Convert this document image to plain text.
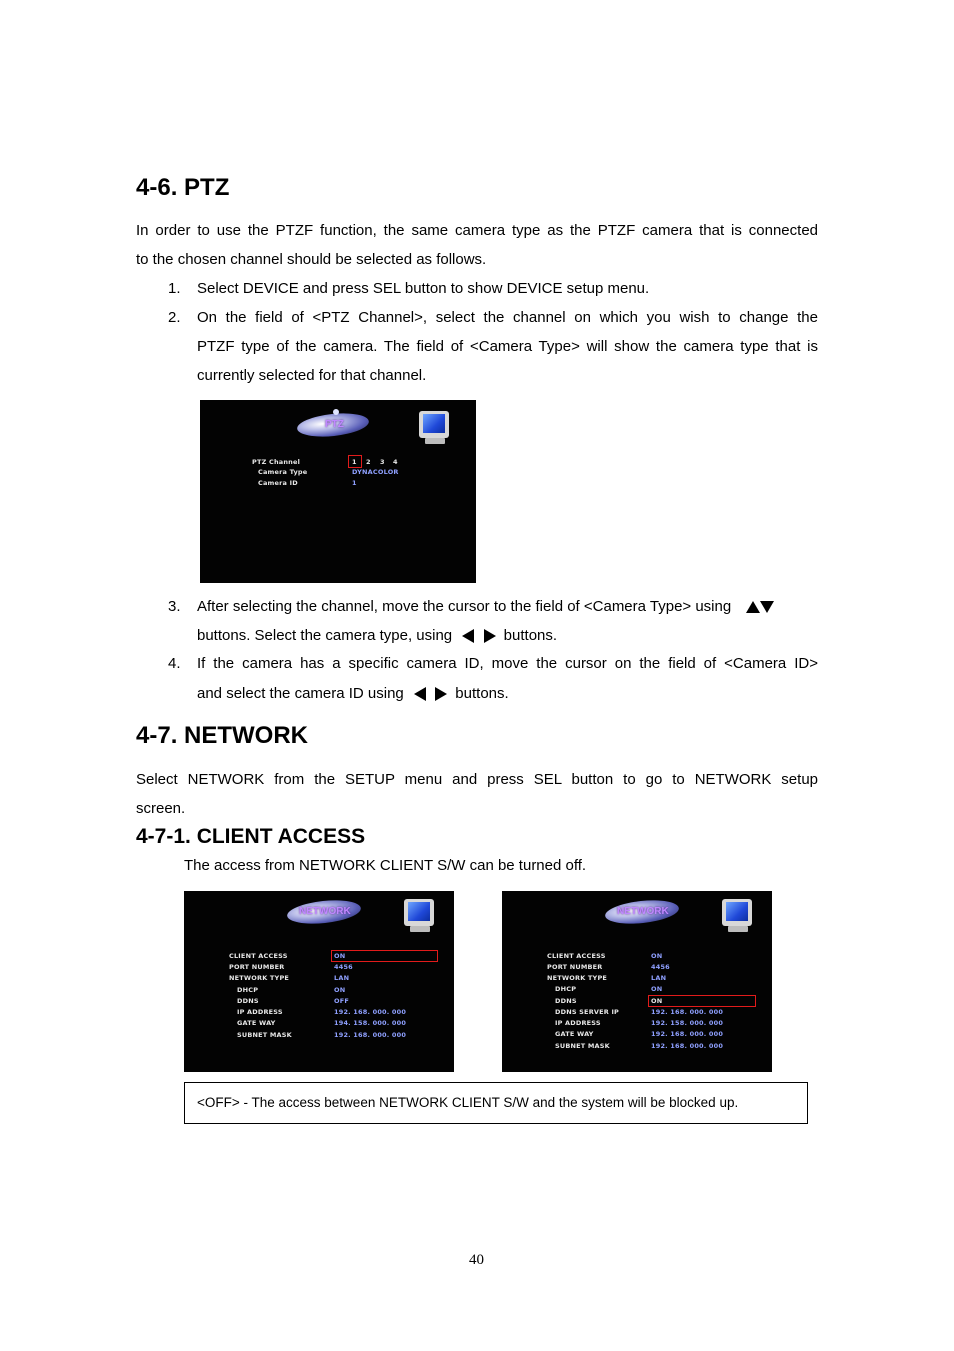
4-6. PTZ
In order to use the PTZF function, the same camera type as the PTZF camera that is connected
to the chosen channel should be selected as follows.
1. Select DEVICE and press SEL button to show DEVICE setup menu.
2. On the field of <PTZ Channel>, select the channel on which you wish to change the
PTZF type of the camera. The field of <Camera Type> will show the camera type that is
currently selected for that channel.
PTZ
PTZ Channel
Camera Type
Camera ID
1 2 3 4
DYNACOLOR
1
3. After selecting the channel, move the cursor to the field of <Camera Type> using
buttons. Select the camera type, using	buttons.
4. If the camera has a specific camera ID, move the cursor on the field of <Camera ID>
and select the camera ID using	buttons.
4-7. NETWORK
Select NETWORK from the SETUP menu and press SEL button to go to NETWORK setup
screen.
4-7-1. CLIENT ACCESS
The access from NETWORK CLIENT S/W can be turned off.
NETWORK
CLIENT ACCESS
PORT NUMBER
NETWORK TYPE
DHCP
DDNS
IP ADDRESS
GATE WAY
SUBNET MASK
ON
4456
LAN
ON
OFF
192. 168. 000. 000
194. 158. 000. 000
192. 168. 000. 000
NETWORK
CLIENT ACCESS
PORT NUMBER
NETWORK TYPE
DHCP
DDNS
DDNS SERVER IP
IP ADDRESS
GATE WAY
SUBNET MASK
ON
4456
LAN
ON
ON
192. 168. 000. 000
192. 158. 000. 000
192. 168. 000. 000
192. 168. 000. 000
<OFF> - The access between NETWORK CLIENT S/W and the system will be blocked up.
40
